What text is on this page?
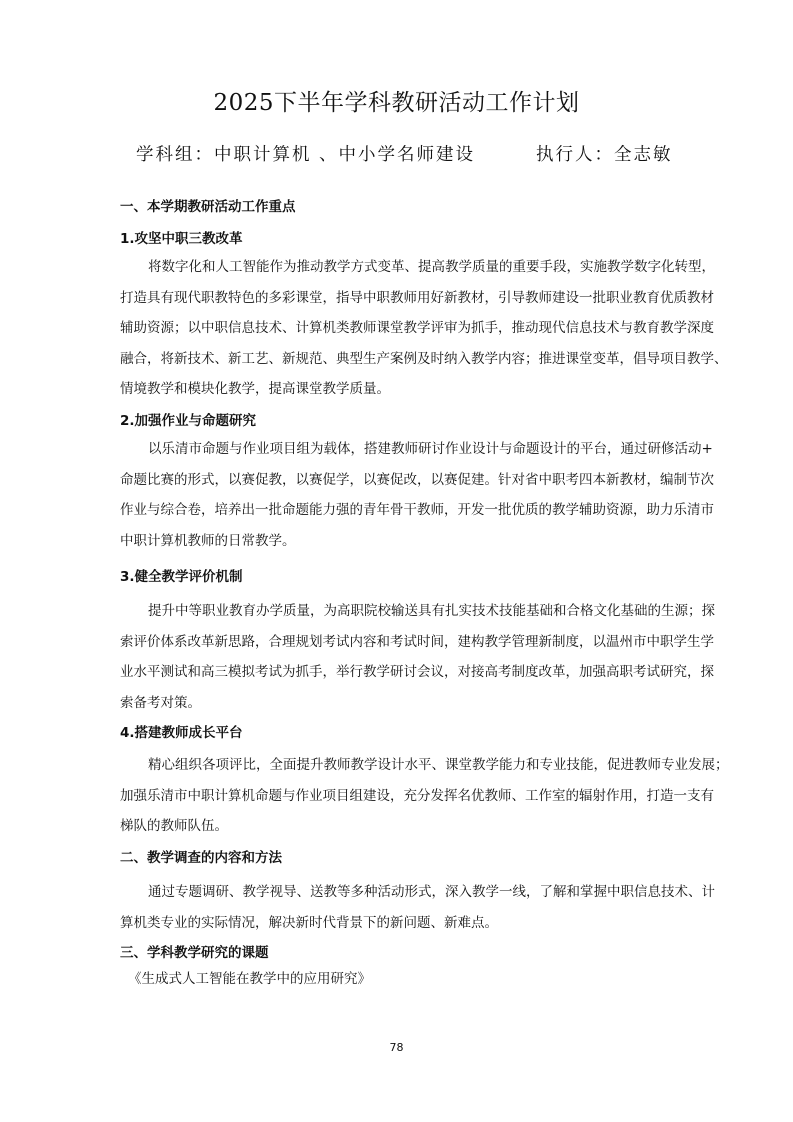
2025下半年学科教研活动工作计划
学科组：中职计算机 、中小学名师建设	执行人：全志敏
一、本学期教研活动工作重点
1.攻坚中职三教改革
将数字化和人工智能作为推动教学方式变革、提高教学质量的重要手段，实施教学数字化转型，
打造具有现代职教特色的多彩课堂，指导中职教师用好新教材，引导教师建设一批职业教育优质教材
辅助资源；以中职信息技术、计算机类教师课堂教学评审为抓手，推动现代信息技术与教育教学深度
融合，将新技术、新工艺、新规范、典型生产案例及时纳入教学内容；推进课堂变革，倡导项目教学、
情境教学和模块化教学，提高课堂教学质量。
2.加强作业与命题研究
以乐清市命题与作业项目组为载体，搭建教师研讨作业设计与命题设计的平台，通过研修活动+
命题比赛的形式，以赛促教，以赛促学，以赛促改，以赛促建。针对省中职考四本新教材，编制节次
作业与综合卷，培养出一批命题能力强的青年骨干教师，开发一批优质的教学辅助资源，助力乐清市
中职计算机教师的日常教学。
3.健全教学评价机制
提升中等职业教育办学质量，为高职院校输送具有扎实技术技能基础和合格文化基础的生源；探
索评价体系改革新思路，合理规划考试内容和考试时间，建构教学管理新制度，以温州市中职学生学
业水平测试和高三模拟考试为抓手，举行教学研讨会议，对接高考制度改革，加强高职考试研究，探
索备考对策。
4.搭建教师成长平台
精心组织各项评比，全面提升教师教学设计水平、课堂教学能力和专业技能，促进教师专业发展；
加强乐清市中职计算机命题与作业项目组建设，充分发挥名优教师、工作室的辐射作用，打造一支有
梯队的教师队伍。
二、教学调查的内容和方法
通过专题调研、教学视导、送教等多种活动形式，深入教学一线，了解和掌握中职信息技术、计
算机类专业的实际情况，解决新时代背景下的新问题、新难点。
三、学科教学研究的课题
《生成式人工智能在教学中的应用研究》
78
